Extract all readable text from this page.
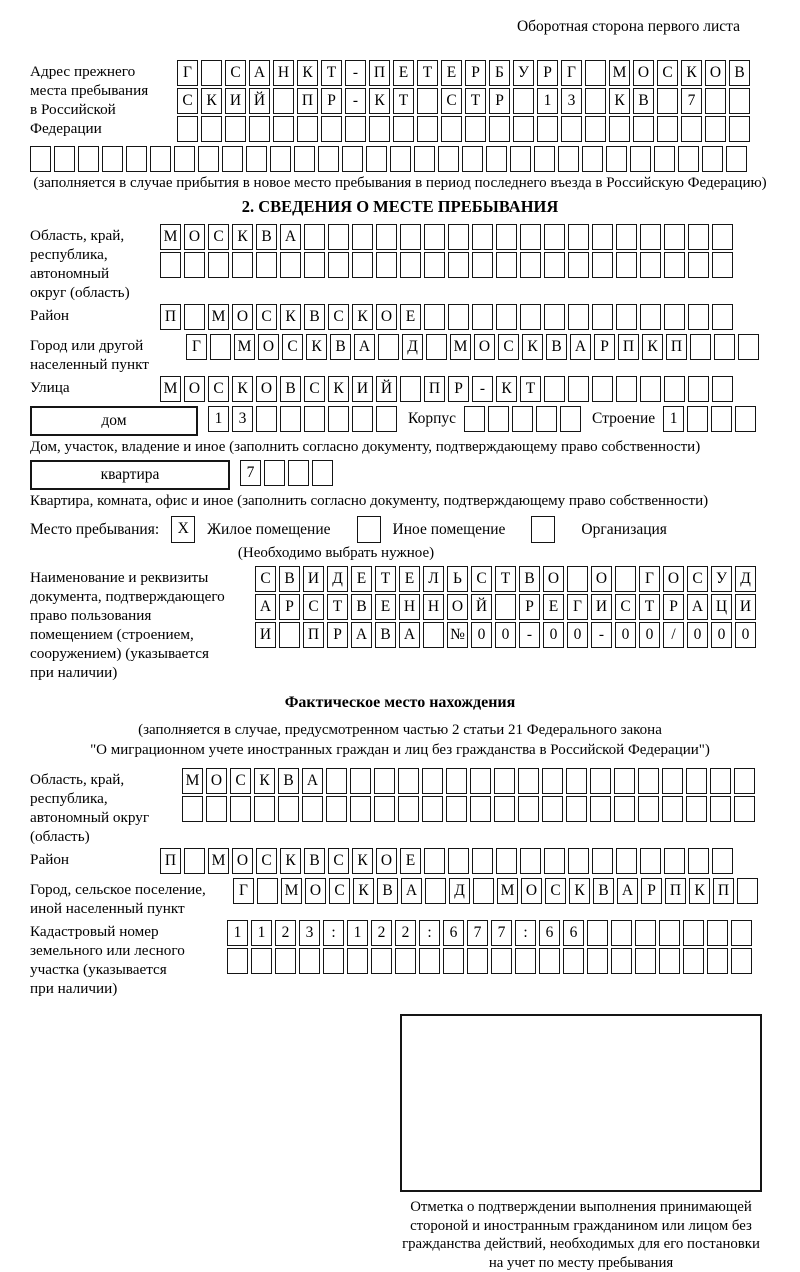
Оборотная сторона первого листа
Адрес прежнего
места пребывания
в Российской
Федерации
Г	С А Н К Т	-	П Е Т Е Р Б У Р Г	М О С К О В
С К И Й	П Р	-	К Т	С Т Р	1	3	К В	7
(заполняется в случае прибытия в новое место пребывания в период последнего въезда в Российскую Федерацию)
2. СВЕДЕНИЯ О МЕСТЕ ПРЕБЫВАНИЯ
Область, край,
республика,
автономный
округ (область)
М О С К В А
Район	П	М О С К В С К О Е
Город или другой
населенный пункт
Г	М О С К В А	Д	М О С К В А Р П К П
Улица	М О С К О В С К И Й	П Р	-	К Т
дом	1	3	Корпус	Строение 1
Дом, участок, владение и иное (заполнить согласно документу, подтверждающему право собственности)
квартира	7
Квартира, комната, офис и иное (заполнить согласно документу, подтверждающему право собственности)
Место пребывания:	X	Жилое помещение	Иное помещение	Организация
(Необходимо выбрать нужное)
Наименование и реквизиты
документа, подтверждающего
право пользования
помещением (строением,
сооружением) (указывается
при наличии)
С В И Д Е Т Е Л Ь С Т В О	О	Г О С У Д
А Р С Т В Е Н Н О Й	Р Е Г И С Т Р А Ц И
И	П Р А В А	№ 0	0	-	0	0	-	0	0	/	0	0	0
Фактическое место нахождения
(заполняется в случае, предусмотренном частью 2 статьи 21 Федерального закона
"О миграционном учете иностранных граждан и лиц без гражданства в Российской Федерации")
Область, край,
республика,
автономный округ
(область)
М О С К В А
Район	П	М О С К В С К О Е
Город, сельское поселение,
иной населенный пункт
Г	М О С К В А	Д	М О С К В А Р П К П
Кадастровый номер
земельного или лесного
участка (указывается
при наличии)
1	1	2	3	:	1	2	2	:	6	7	7	:	6	6
Отметка о подтверждении выполнения принимающей
стороной и иностранным гражданином или лицом без
гражданства действий, необходимых для его постановки
на учет по месту пребывания
